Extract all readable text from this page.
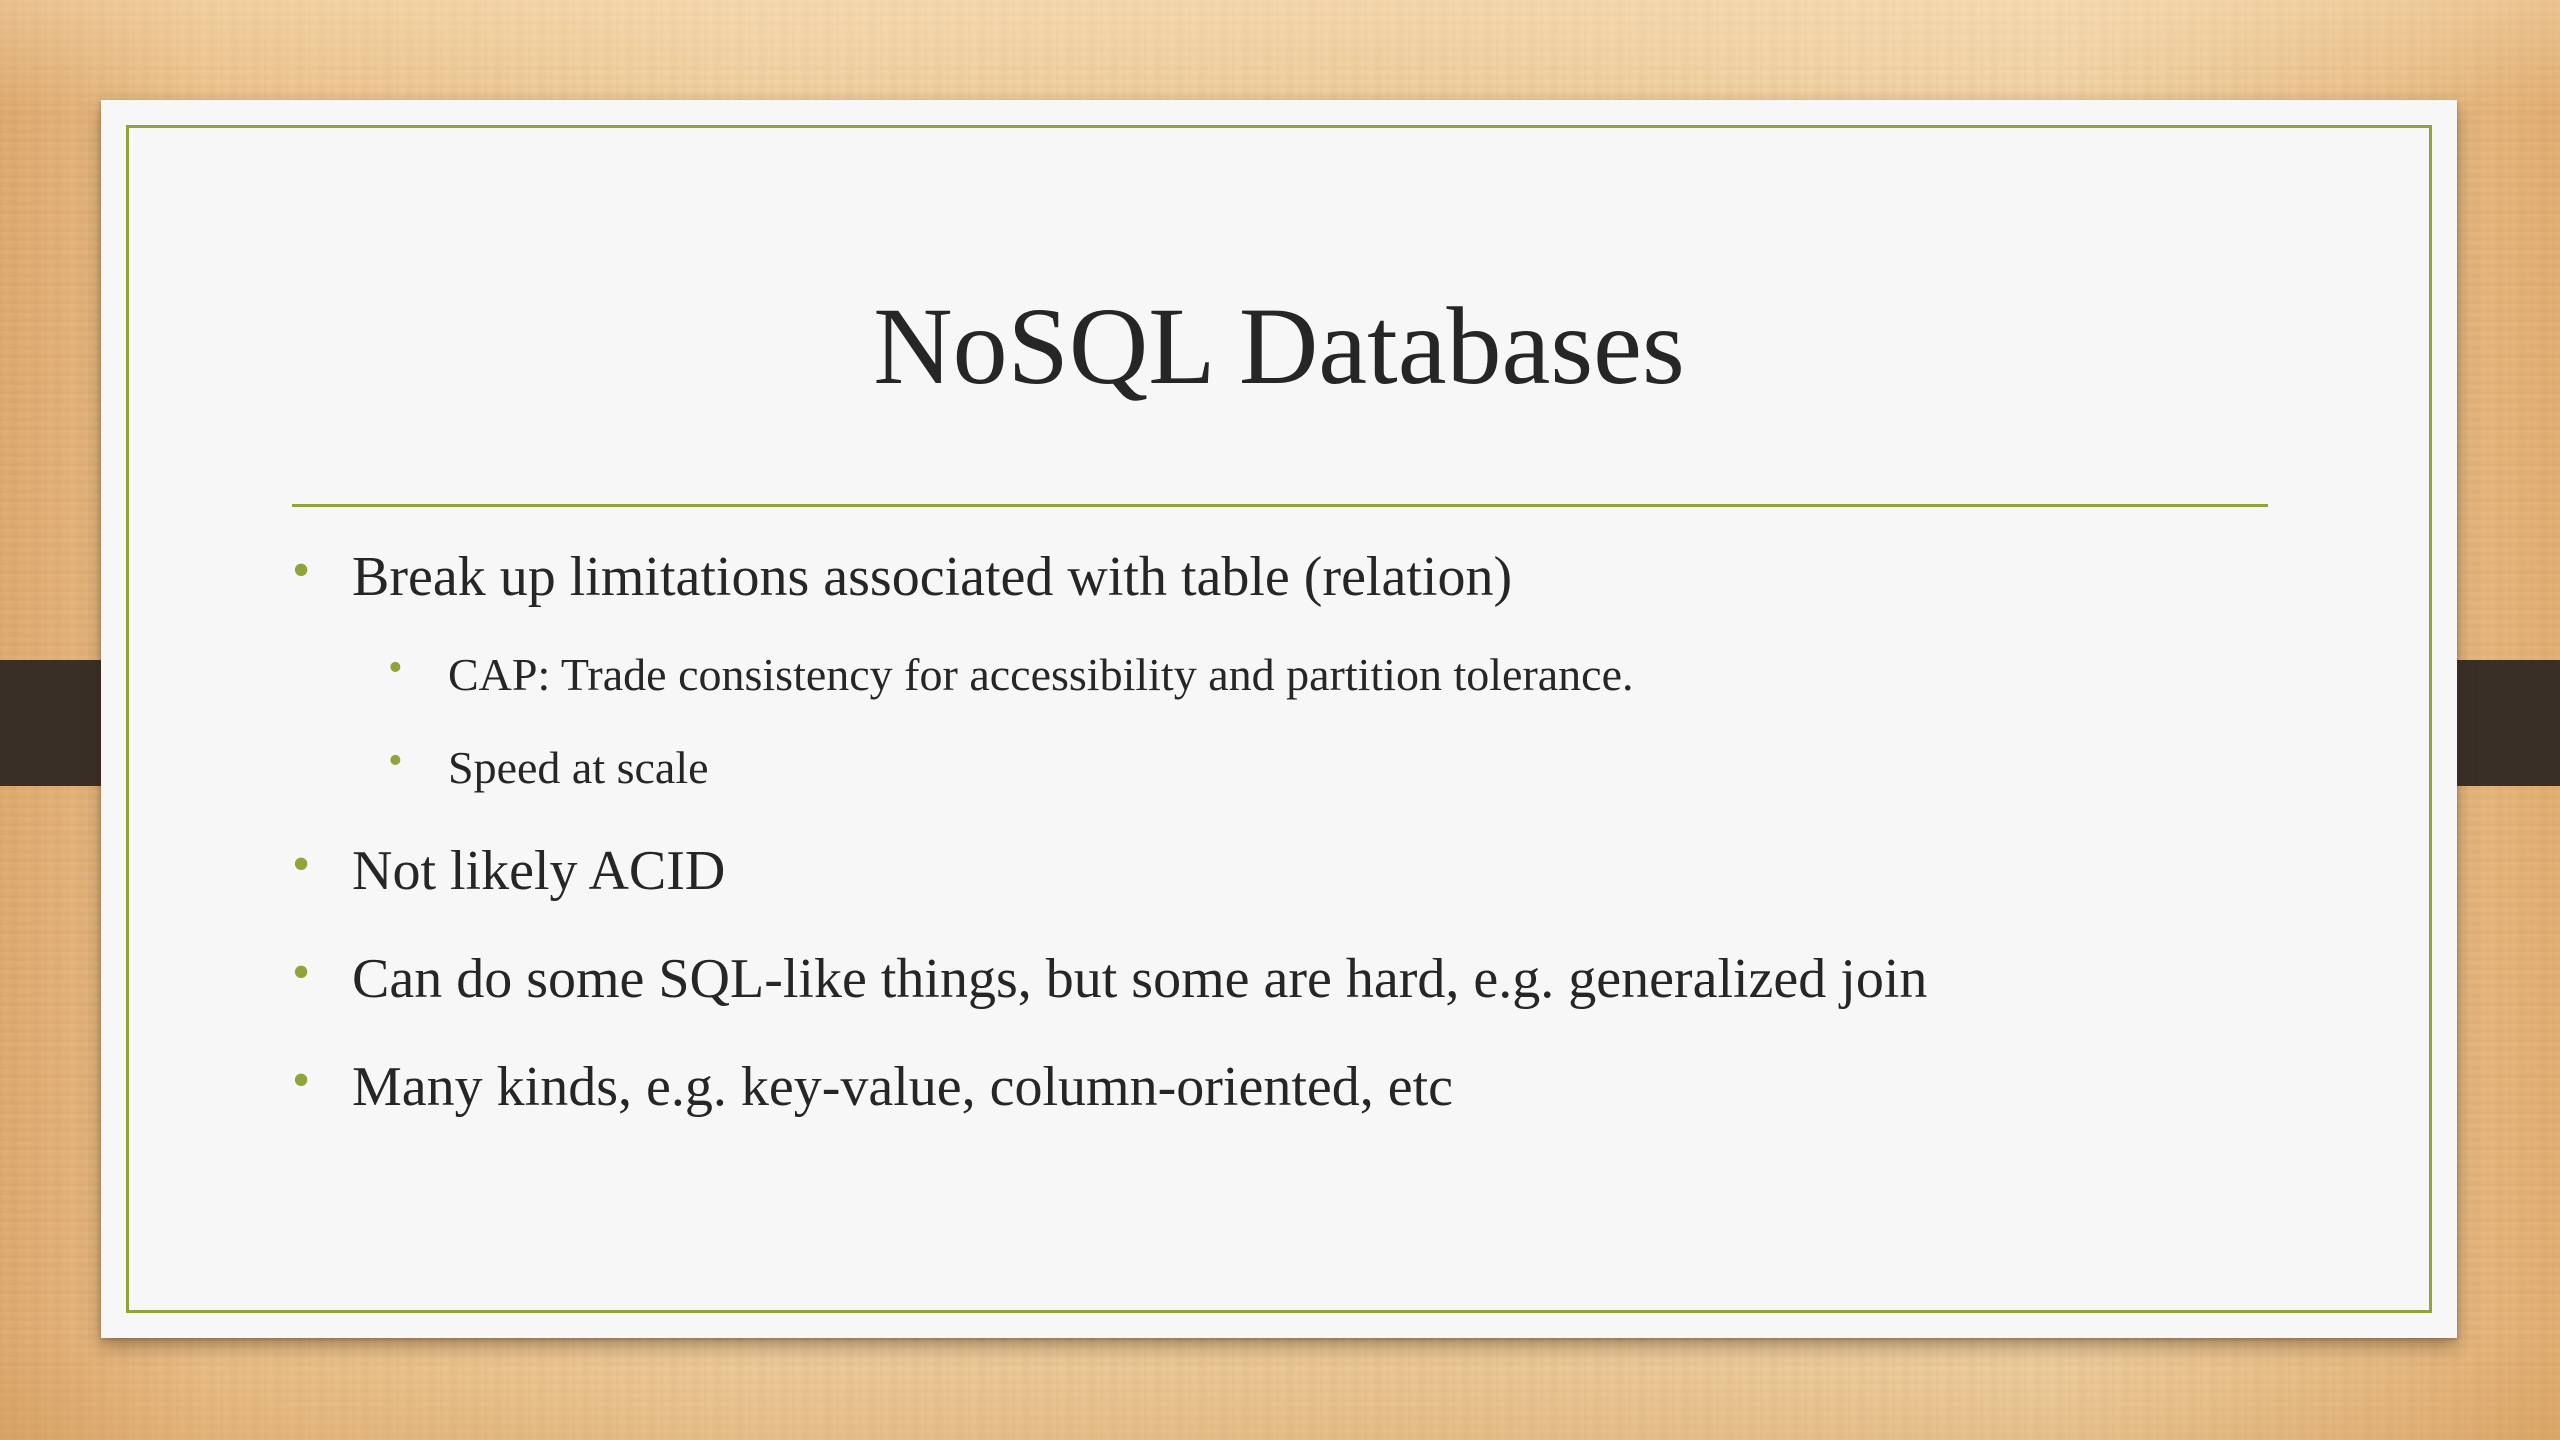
NoSQL Databases
• Break up limitations associated with table (relation)
• CAP: Trade consistency for accessibility and partition tolerance.
• Speed at scale
• Not likely ACID
• Can do some SQL-like things, but some are hard, e.g. generalized join
• Many kinds, e.g. key-value, column-oriented, etc
